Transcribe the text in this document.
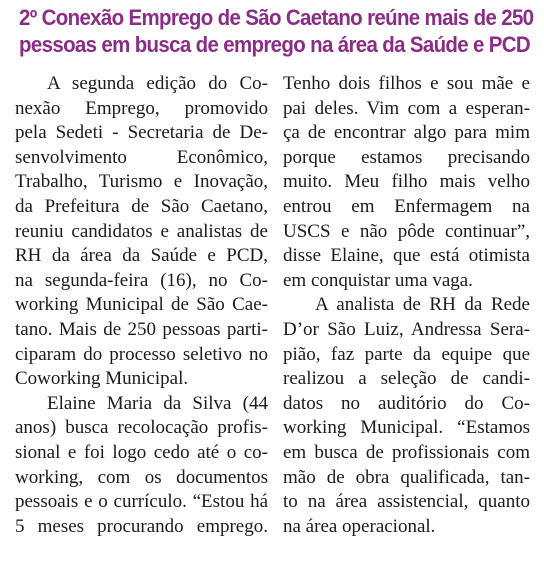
2º Conexão Emprego de São Caetano reúne mais de 250
pessoas em busca de emprego na área da Saúde e PCD
A segunda edição do Co-
nexão Emprego, promovido
pela Sedeti - Secretaria de De-
senvolvimento Econômico,
Trabalho, Turismo e Inovação,
da Prefeitura de São Caetano,
reuniu candidatos e analistas de
RH da área da Saúde e PCD,
na segunda-feira (16), no Co-
working Municipal de São Cae-
tano. Mais de 250 pessoas parti-
ciparam do processo seletivo no
Coworking Municipal.
Elaine Maria da Silva (44
anos) busca recolocação profis-
sional e foi logo cedo até o co-
working, com os documentos
pessoais e o currículo. “Estou há
5 meses procurando emprego.
Tenho dois filhos e sou mãe e
pai deles. Vim com a esperan-
ça de encontrar algo para mim
porque estamos precisando
muito. Meu filho mais velho
entrou em Enfermagem na
USCS e não pôde continuar”,
disse Elaine, que está otimista
em conquistar uma vaga.
A analista de RH da Rede
D’or São Luiz, Andressa Sera-
pião, faz parte da equipe que
realizou a seleção de candi-
datos no auditório do Co-
working Municipal. “Estamos
em busca de profissionais com
mão de obra qualificada, tan-
to na área assistencial, quanto
na área operacional.
